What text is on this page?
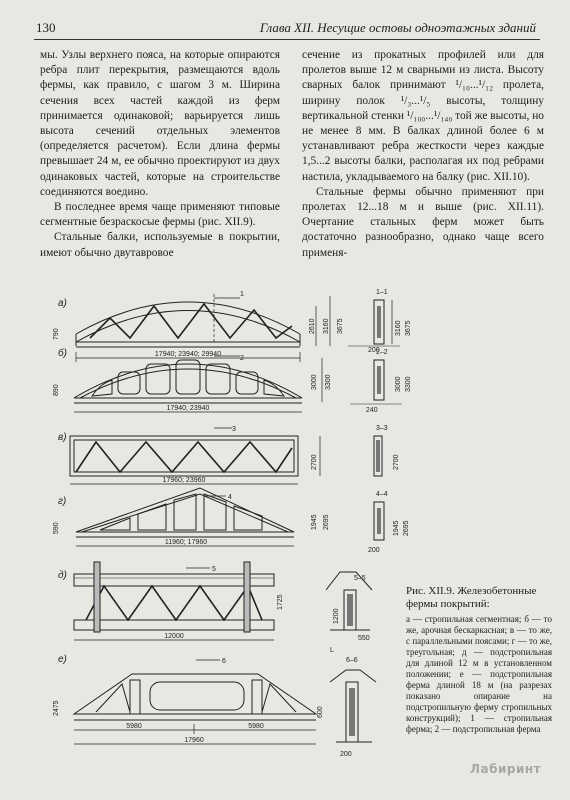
130	Глава XII. Несущие остовы одноэтажных зданий

мы. Узлы верхнего пояса, на которые опираются ребра плит перекрытия, размещаются вдоль фермы, как правило, с шагом 3 м. Ширина сечения всех частей каждой из ферм принимается одинаковой; варьируется лишь высота сечений отдельных элементов (определяется расчетом). Если длина фермы превышает 24 м, ее обычно проектируют из двух одинаковых частей, которые на строительстве соединяются воедино.

В последнее время чаще применяют типовые сегментные безраскосые фермы (рис. XII.9).

Стальные балки, используемые в покрытии, имеют обычно двутавровое

сечение из прокатных профилей или для пролетов выше 12 м сварными из листа. Высоту сварных балок принимают ¹/₁₀...¹/₁₂ пролета, ширину полок ¹/₃...¹/₅ высоты, толщину вертикальной стенки ¹/₁₀₀...¹/₁₄₀ той же высоты, но не менее 8 мм. В балках длиной более 6 м устанавливают ребра жесткости через каждые 1,5...2 высоты балки, располагая их под ребрами настила, укладываемого на балку (рис. XII.10).

Стальные фермы обычно применяют при пролетах 12...18 м и выше (рис. XII.11). Очертание стальных ферм может быть достаточно разнообразно, однако чаще всего применя-

а)
17940; 23940; 29940
790
1
2610 3160 3675
1–1
3160 3675
200
б)
17940; 23940
890
2
3000 3300
2–2
3000 3300
240
в)
17960; 23960
3
2700
3–3
2700
г)
11960; 17960
590
4
1945 2695
4–4
1945 2695
200
д)
12000
5
1725
5–5
1200
550
L
е)
5980	5980
17960
2475	600
6	6–6
200
Рис. XII.9. Железобетонные фермы покрытий:
а — стропильная сегментная; б — то же, арочная бескаркасная; в — то же, с параллельными поясами; г — то же, треугольная; д — подстропильная для длиной 12 м в установленном положении; е — подстропильная ферма длиной 18 м (на разрезах показано опирание на подстропильную ферму стропильных конструкций); 1 — стропильная ферма; 2 — подстропильная ферма
Лабиринт
